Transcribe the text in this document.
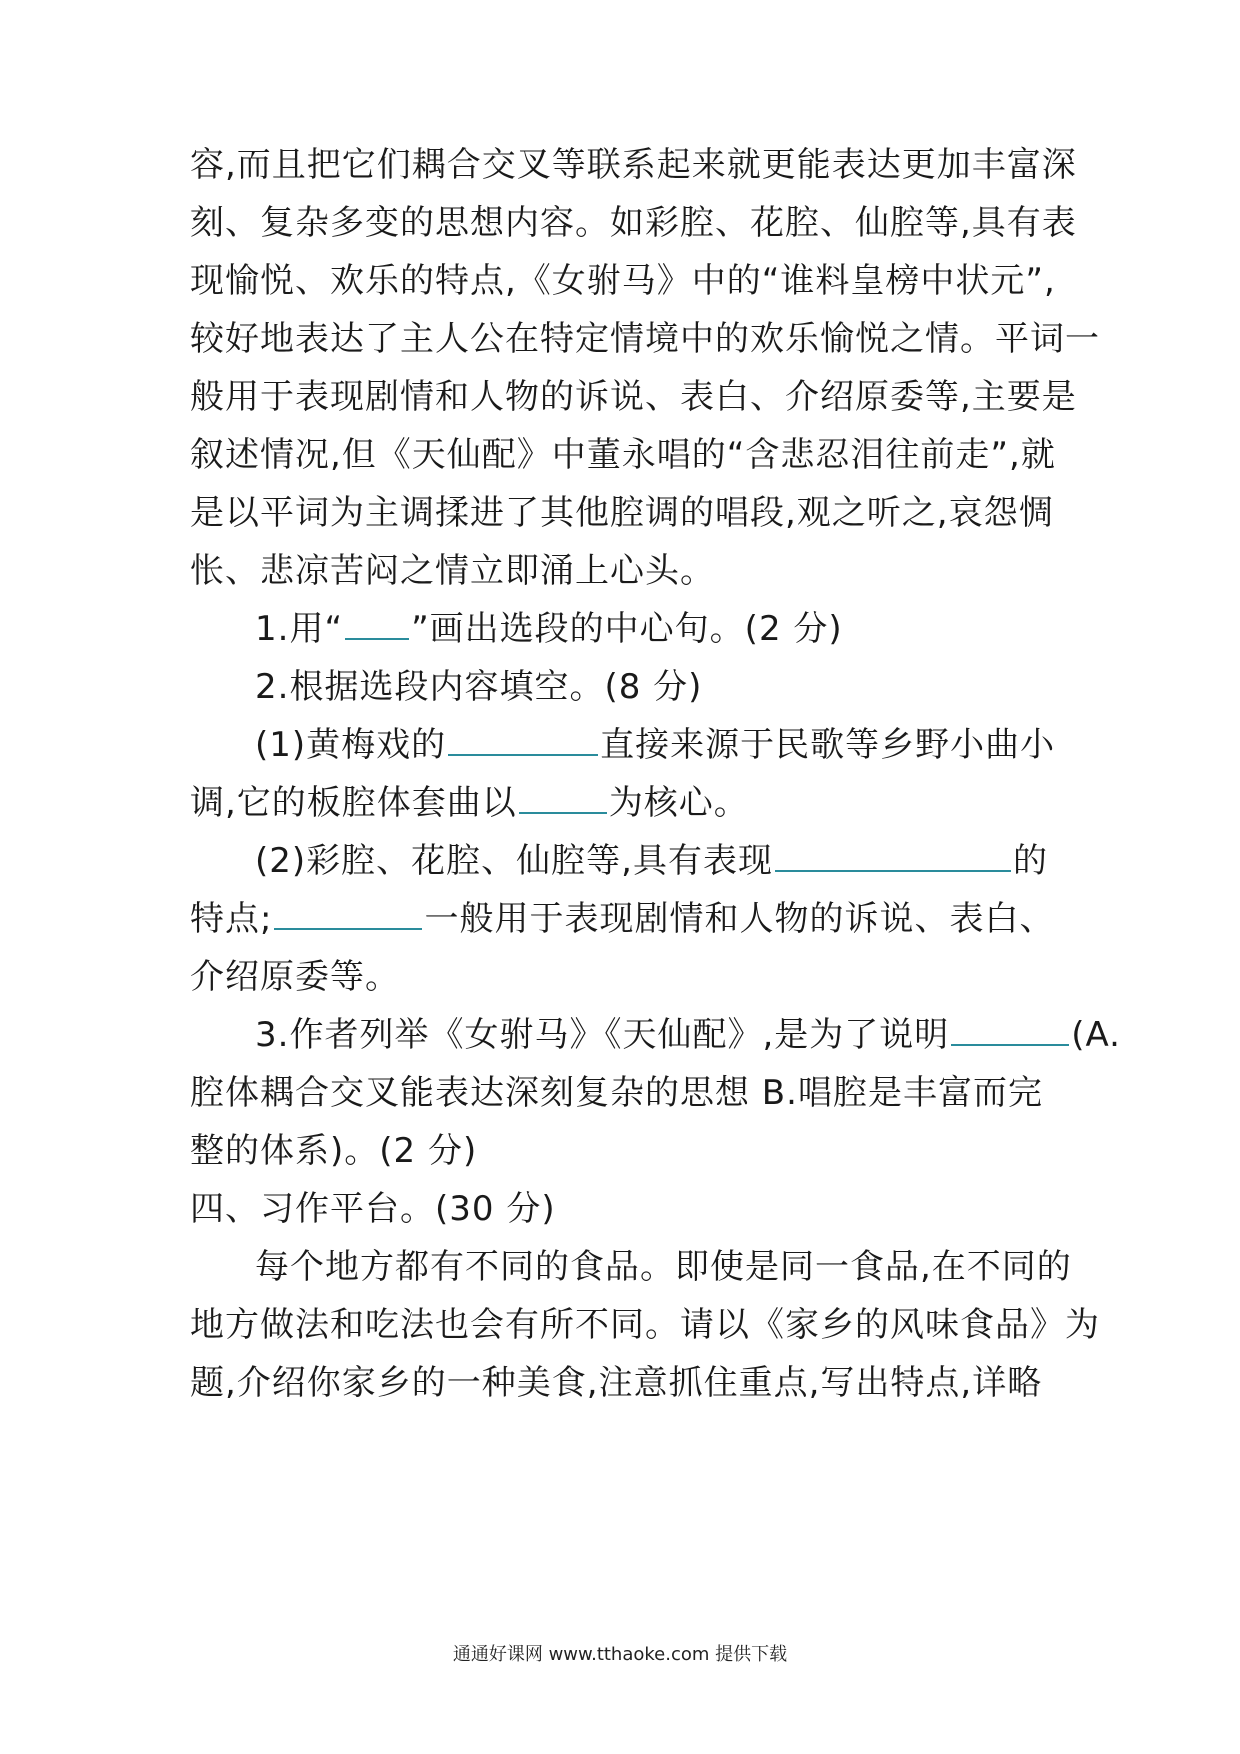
容,而且把它们耦合交叉等联系起来就更能表达更加丰富深
刻、复杂多变的思想内容。如彩腔、花腔、仙腔等,具有表
现愉悦、欢乐的特点,《女驸马》中的“谁料皇榜中状元”,
较好地表达了主人公在特定情境中的欢乐愉悦之情。平词一
般用于表现剧情和人物的诉说、表白、介绍原委等,主要是
叙述情况,但《天仙配》中董永唱的“含悲忍泪往前走”,就
是以平词为主调揉进了其他腔调的唱段,观之听之,哀怨惆
怅、悲凉苦闷之情立即涌上心头。
1.用“ ”画出选段的中心句。(2 分)
2.根据选段内容填空。(8 分)
(1)黄梅戏的	直接来源于民歌等乡野小曲小
调,它的板腔体套曲以	为核心。
(2)彩腔、花腔、仙腔等,具有表现	的
特点;	一般用于表现剧情和人物的诉说、表白、
介绍原委等。
3.作者列举《女驸马》《天仙配》,是为了说明	(A.
腔体耦合交叉能表达深刻复杂的思想 B.唱腔是丰富而完
整的体系)。(2 分)
四、习作平台。(30 分)
每个地方都有不同的食品。即使是同一食品,在不同的
地方做法和吃法也会有所不同。请以《家乡的风味食品》为
题,介绍你家乡的一种美食,注意抓住重点,写出特点,详略
通通好课网 www.tthaoke.com 提供下载
